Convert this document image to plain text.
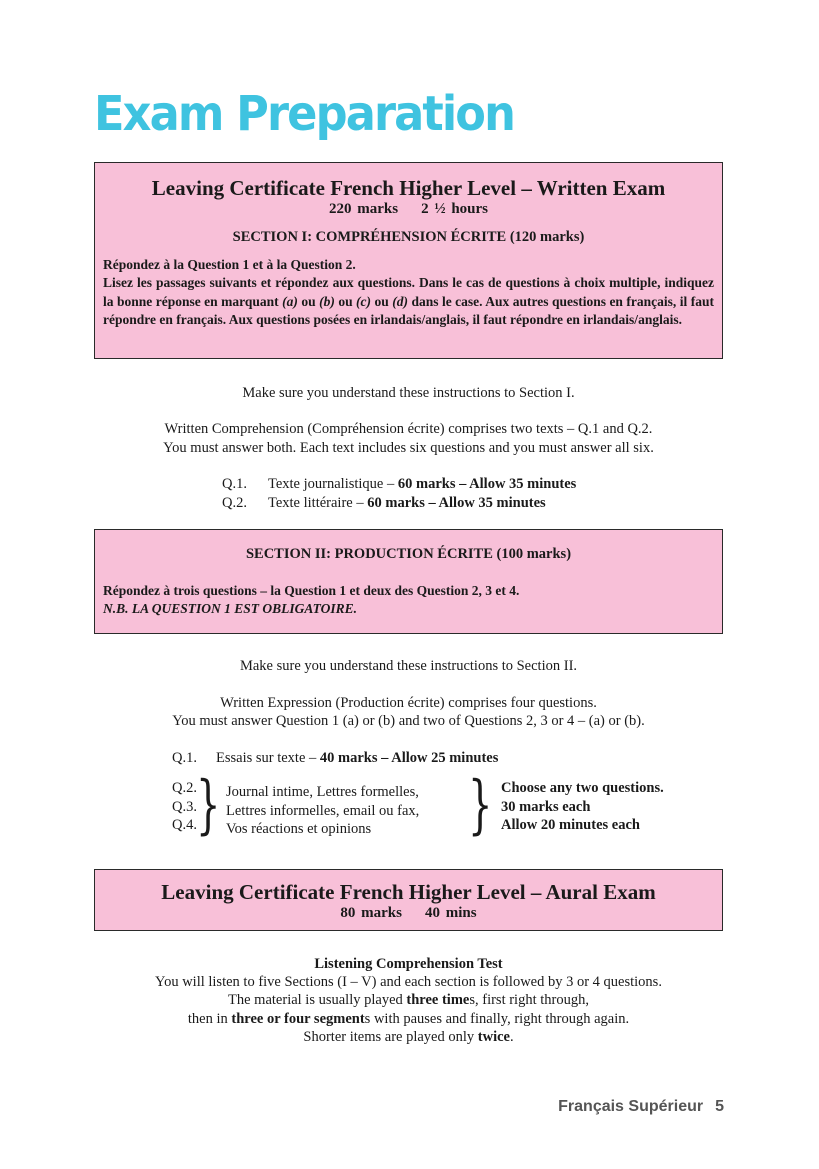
Exam Preparation
Leaving Certificate French Higher Level – Written Exam
220 marks 2 ½ hours
SECTION I: COMPRÉHENSION ÉCRITE (120 marks)
Répondez à la Question 1 et à la Question 2.
Lisez les passages suivants et répondez aux questions. Dans le cas de questions à choix multiple, indiquez la bonne réponse en marquant (a) ou (b) ou (c) ou (d) dans le case. Aux autres questions en français, il faut répondre en français. Aux questions posées en irlandais/anglais, il faut répondre en irlandais/anglais.
Make sure you understand these instructions to Section I.
Written Comprehension (Compréhension écrite) comprises two texts – Q.1 and Q.2.
You must answer both. Each text includes six questions and you must answer all six.
Q.1. Texte journalistique – 60 marks – Allow 35 minutes
Q.2. Texte littéraire – 60 marks – Allow 35 minutes
SECTION II: PRODUCTION ÉCRITE (100 marks)
Répondez à trois questions – la Question 1 et deux des Question 2, 3 et 4.
N.B. LA QUESTION 1 EST OBLIGATOIRE.
Make sure you understand these instructions to Section II.
Written Expression (Production écrite) comprises four questions.
You must answer Question 1 (a) or (b) and two of Questions 2, 3 or 4 – (a) or (b).
Q.1. Essais sur texte – 40 marks – Allow 25 minutes
Q.2.
Q.3.
Q.4. } Journal intime, Lettres formelles,
Lettres informelles, email ou fax,
Vos réactions et opinions	} Choose any two questions.
30 marks each
Allow 20 minutes each
Leaving Certificate French Higher Level – Aural Exam
80 marks 40 mins
Listening Comprehension Test
You will listen to five Sections (I – V) and each section is followed by 3 or 4 questions.
The material is usually played three times, first right through,
then in three or four segments with pauses and finally, right through again.
Shorter items are played only twice.
Français Supérieur 5
